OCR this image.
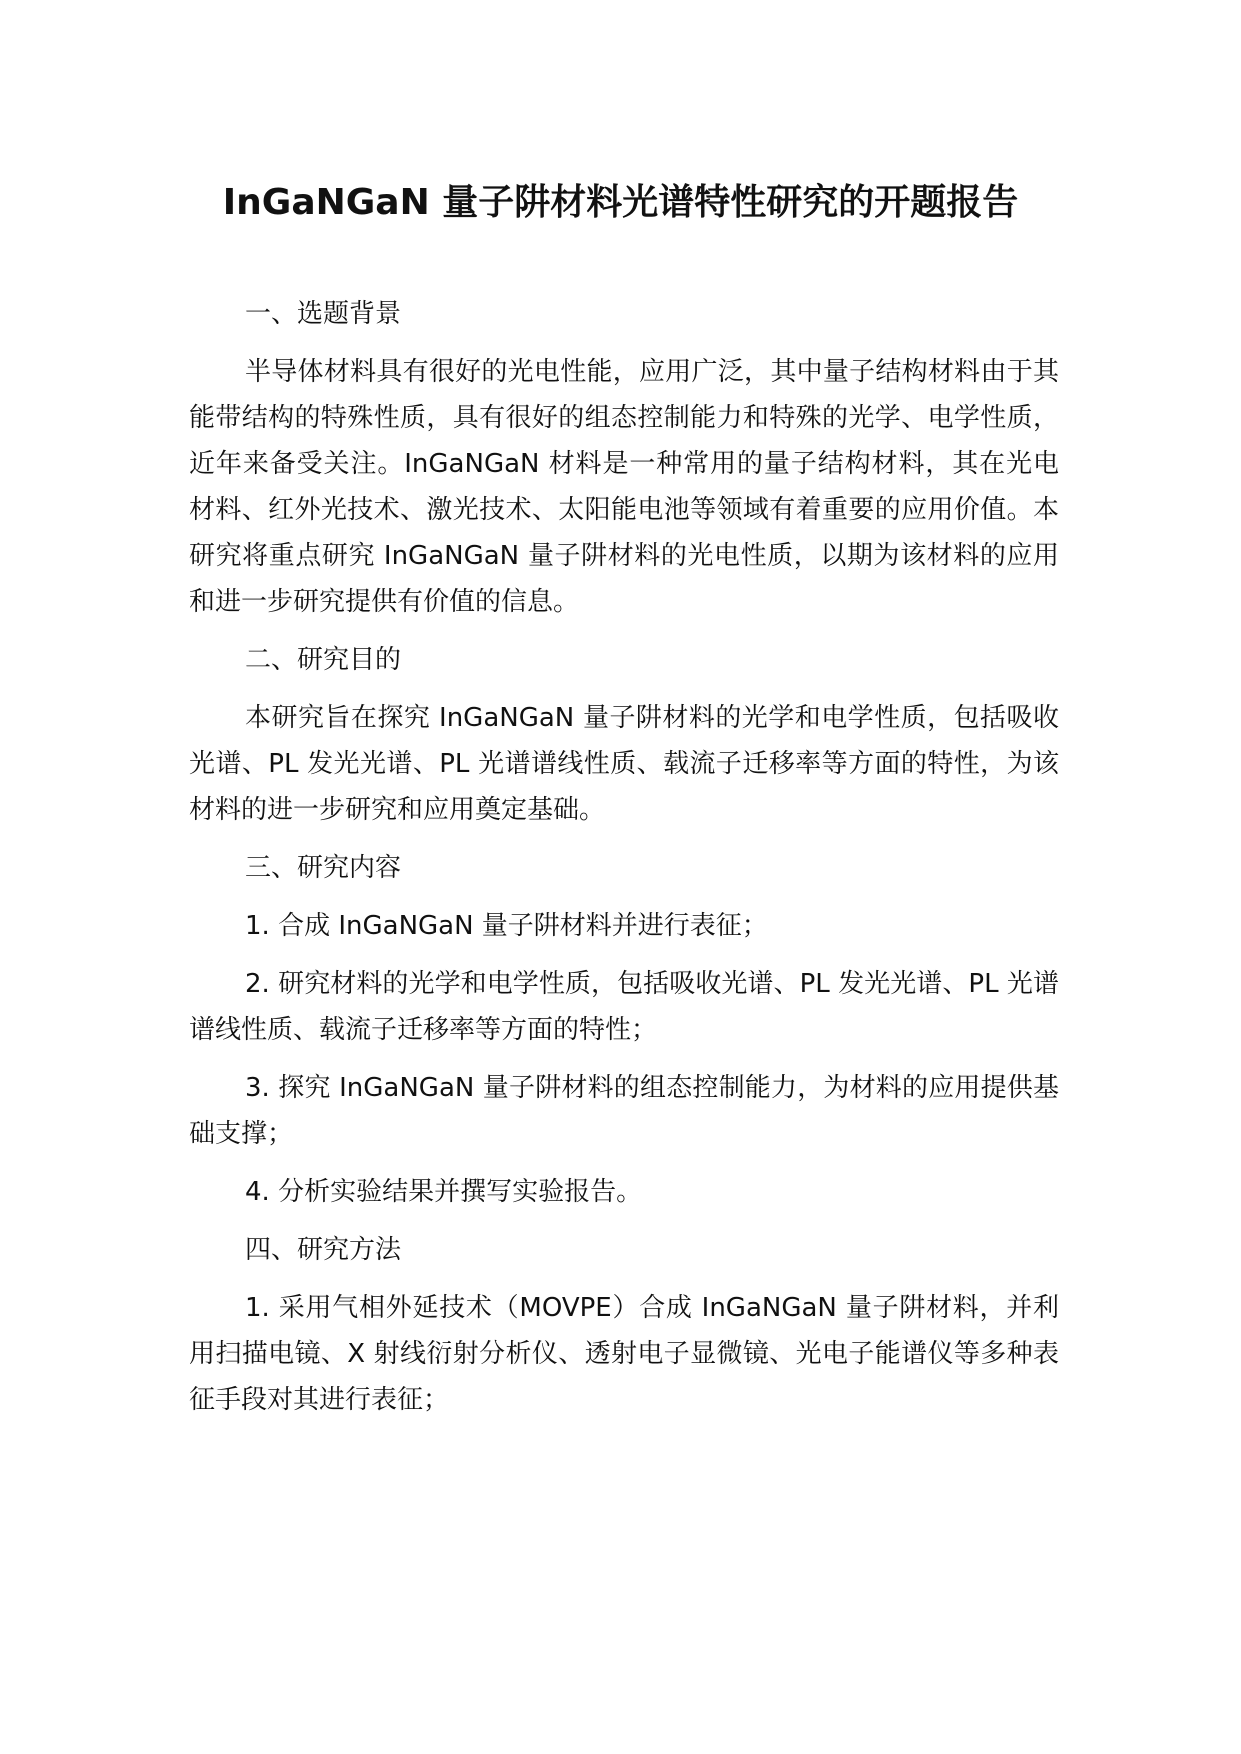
InGaNGaN 量子阱材料光谱特性研究的开题报告

一、选题背景

半导体材料具有很好的光电性能，应用广泛，其中量子结构材料由于其能带结构的特殊性质，具有很好的组态控制能力和特殊的光学、电学性质，近年来备受关注。InGaNGaN 材料是一种常用的量子结构材料，其在光电材料、红外光技术、激光技术、太阳能电池等领域有着重要的应用价值。本研究将重点研究 InGaNGaN 量子阱材料的光电性质，以期为该材料的应用和进一步研究提供有价值的信息。

二、研究目的

本研究旨在探究 InGaNGaN 量子阱材料的光学和电学性质，包括吸收光谱、PL 发光光谱、PL 光谱谱线性质、载流子迁移率等方面的特性，为该材料的进一步研究和应用奠定基础。

三、研究内容

1. 合成 InGaNGaN 量子阱材料并进行表征；

2. 研究材料的光学和电学性质，包括吸收光谱、PL 发光光谱、PL 光谱谱线性质、载流子迁移率等方面的特性；

3. 探究 InGaNGaN 量子阱材料的组态控制能力，为材料的应用提供基础支撑；

4. 分析实验结果并撰写实验报告。

四、研究方法

1. 采用气相外延技术（MOVPE）合成 InGaNGaN 量子阱材料，并利用扫描电镜、X 射线衍射分析仪、透射电子显微镜、光电子能谱仪等多种表征手段对其进行表征；
